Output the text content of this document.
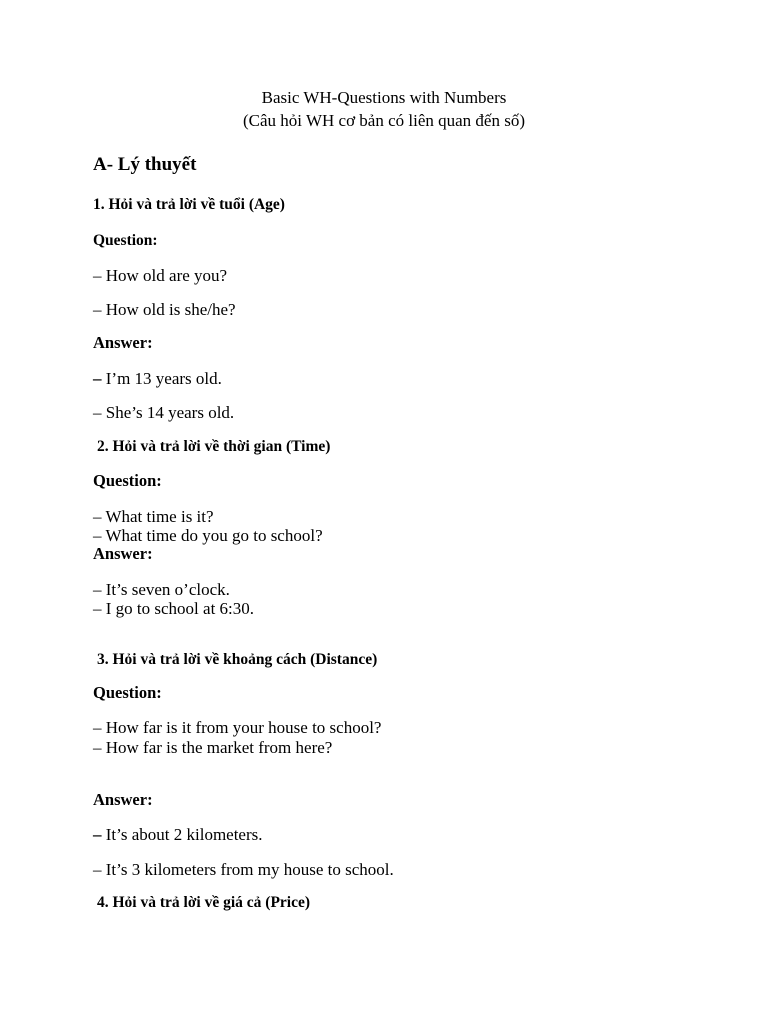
Basic WH-Questions with Numbers
(Câu hỏi WH cơ bản có liên quan đến số)
A- Lý thuyết
1. Hỏi và trả lời về tuổi (Age)
Question:
– How old are you?
– How old is she/he?
Answer:
– I’m 13 years old.
– She’s 14 years old.
2. Hỏi và trả lời về thời gian (Time)
Question:
– What time is it?
– What time do you go to school?
Answer:
– It’s seven o’clock.
– I go to school at 6:30.
3. Hỏi và trả lời về khoảng cách (Distance)
Question:
– How far is it from your house to school?
– How far is the market from here?
Answer:
– It’s about 2 kilometers.
– It’s 3 kilometers from my house to school.
4. Hỏi và trả lời về giá cả (Price)
